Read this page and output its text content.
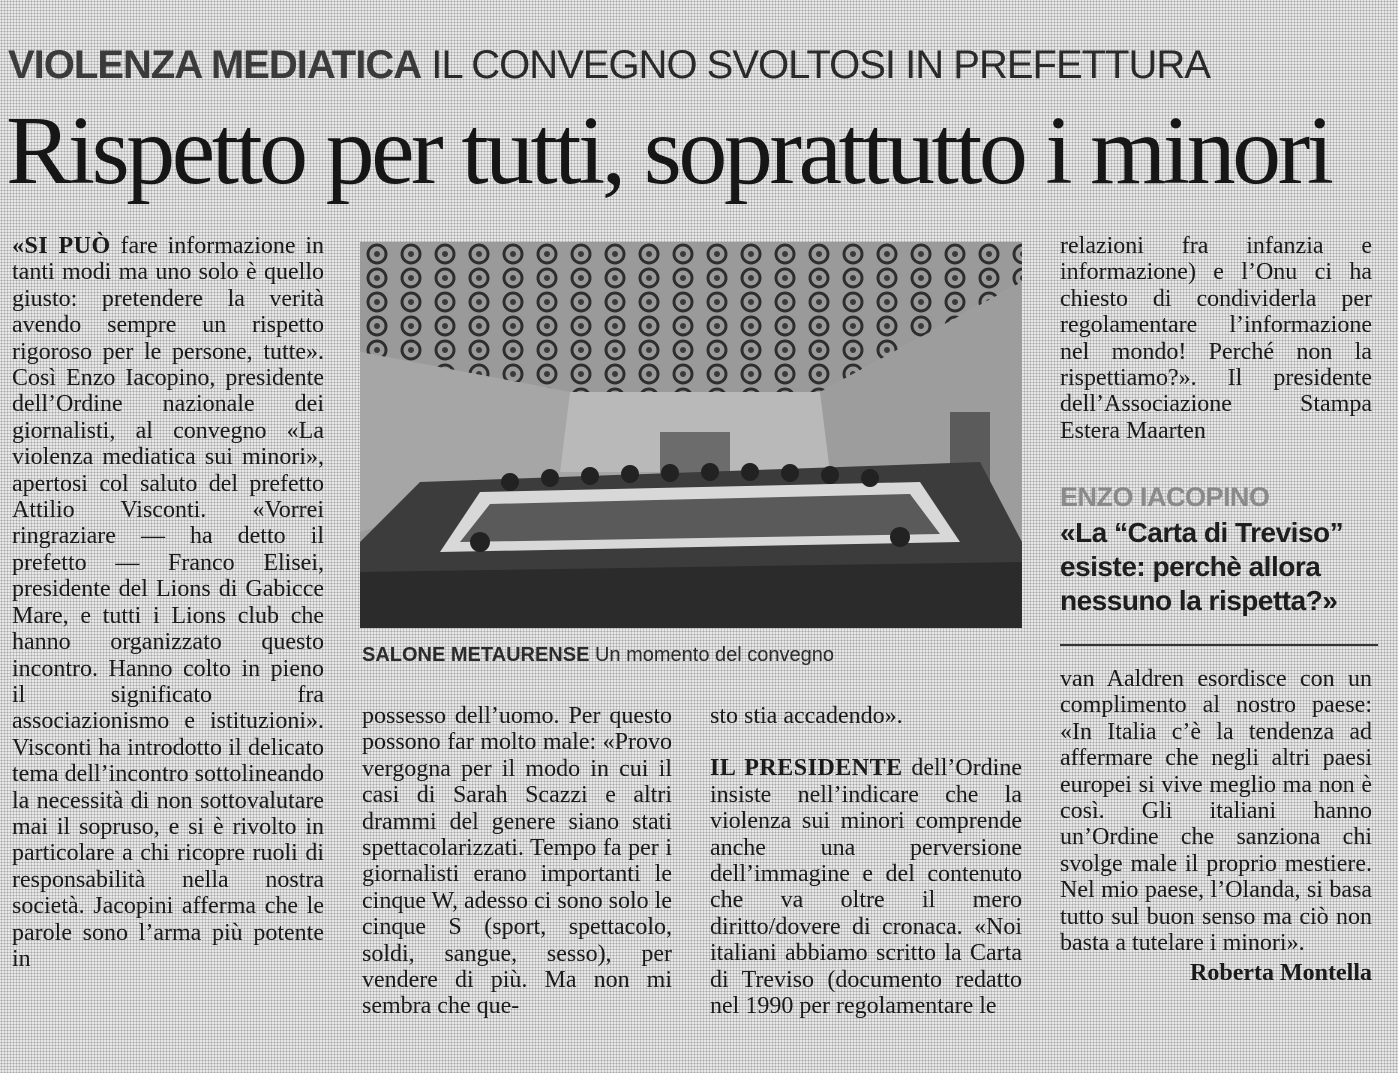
VIOLENZA MEDIATICA IL CONVEGNO SVOLTOSI IN PREFETTURA
Rispetto per tutti, soprattutto i minori

«SI PUÒ fare informazione in tanti modi ma uno solo è quello giusto: pretendere la verità avendo sempre un rispetto rigoroso per le persone, tutte». Così Enzo Iacopino, presidente dell’Ordine nazionale dei giornalisti, al convegno «La violenza mediatica sui minori», apertosi col saluto del prefetto Attilio Visconti. «Vorrei ringraziare — ha detto il prefetto — Franco Elisei, presidente del Lions di Gabicce Mare, e tutti i Lions club che hanno organizzato questo incontro. Hanno colto in pieno il significato fra associazionismo e istituzioni». Visconti ha introdotto il delicato tema dell’incontro sottolineando la necessità di non sottovalutare mai il sopruso, e si è rivolto in particolare a chi ricopre ruoli di responsabilità nella nostra società. Jacopini afferma che le parole sono l’arma più potente in

SALONE METAURENSE Un momento del convegno

possesso dell’uomo. Per questo possono far molto male: «Provo vergogna per il modo in cui il casi di Sarah Scazzi e altri drammi del genere siano stati spettacolarizzati. Tempo fa per i giornalisti erano importanti le cinque W, adesso ci sono solo le cinque S (sport, spettacolo, soldi, sangue, sesso), per vendere di più. Ma non mi sembra che que-

sto stia accadendo».

IL PRESIDENTE dell’Ordine insiste nell’indicare che la violenza sui minori comprende anche una perversione dell’immagine e del contenuto che va oltre il mero diritto/dovere di cronaca. «Noi italiani abbiamo scritto la Carta di Treviso (documento redatto nel 1990 per regolamentare le

relazioni fra infanzia e informazione) e l’Onu ci ha chiesto di condividerla per regolamentare l’informazione nel mondo! Perché non la rispettiamo?». Il presidente dell’Associazione Stampa Estera Maarten

ENZO IACOPINO
«La “Carta di Treviso” esiste: perchè allora nessuno la rispetta?»

van Aaldren esordisce con un complimento al nostro paese: «In Italia c’è la tendenza ad affermare che negli altri paesi europei si vive meglio ma non è così. Gli italiani hanno un’Ordine che sanziona chi svolge male il proprio mestiere. Nel mio paese, l’Olanda, si basa tutto sul buon senso ma ciò non basta a tutelare i minori».

Roberta Montella
